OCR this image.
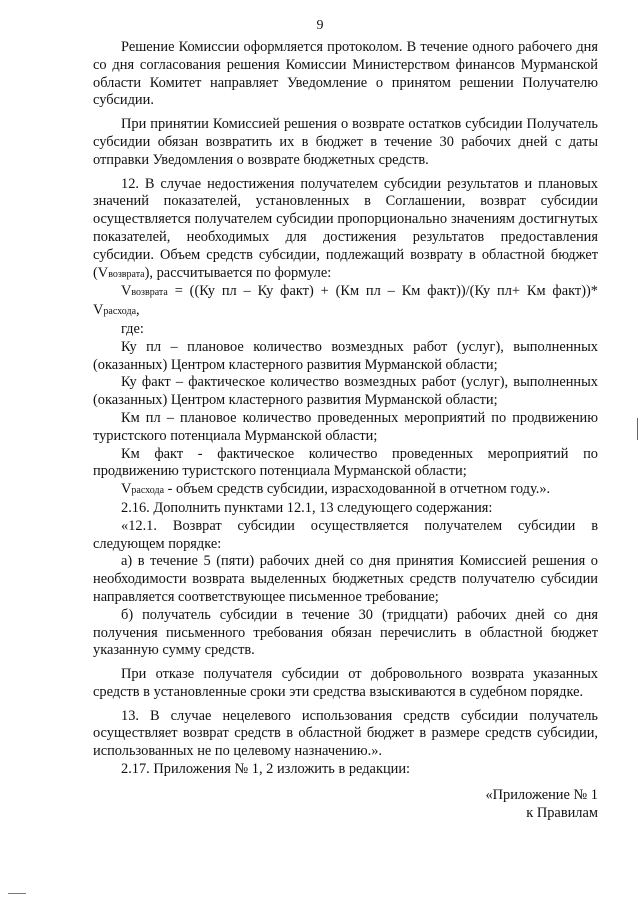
9

Решение Комиссии оформляется протоколом. В течение одного рабочего дня со дня согласования решения Комиссии Министерством финансов Мурманской области Комитет направляет Уведомление о принятом решении Получателю субсидии.

При принятии Комиссией решения о возврате остатков субсидии Получатель субсидии обязан возвратить их в бюджет в течение 30 рабочих дней с даты отправки Уведомления о возврате бюджетных средств.

12. В случае недостижения получателем субсидии результатов и плановых значений показателей, установленных в Соглашении, возврат субсидии осуществляется получателем субсидии пропорционально значениям достигнутых показателей, необходимых для достижения результатов предоставления субсидии. Объем средств субсидии, подлежащий возврату в областной бюджет (Vвозврата), рассчитывается по формуле:

Vвозврата = ((Ку пл – Ку факт) + (Км пл – Км факт))/(Ку пл+ Км факт))* Vрасхода,

где:

Ку пл – плановое количество возмездных работ (услуг), выполненных (оказанных) Центром кластерного развития Мурманской области;

Ку факт – фактическое количество возмездных работ (услуг), выполненных (оказанных) Центром кластерного развития Мурманской области;

Км пл – плановое количество проведенных мероприятий по продвижению туристского потенциала Мурманской области;

Км факт - фактическое количество проведенных мероприятий по продвижению туристского потенциала Мурманской области;

Vрасхода - объем средств субсидии, израсходованной в отчетном году.».

2.16. Дополнить пунктами 12.1, 13 следующего содержания:

«12.1. Возврат субсидии осуществляется получателем субсидии в следующем порядке:

а) в течение 5 (пяти) рабочих дней со дня принятия Комиссией решения о необходимости возврата выделенных бюджетных средств получателю субсидии направляется соответствующее письменное требование;

б) получатель субсидии в течение 30 (тридцати) рабочих дней со дня получения письменного требования обязан перечислить в областной бюджет указанную сумму средств.

При отказе получателя субсидии от добровольного возврата указанных средств в установленные сроки эти средства взыскиваются в судебном порядке.

13. В случае нецелевого использования средств субсидии получатель осуществляет возврат средств в областной бюджет в размере средств субсидии, использованных не по целевому назначению.».

2.17. Приложения № 1, 2 изложить в редакции:

«Приложение № 1

к Правилам
